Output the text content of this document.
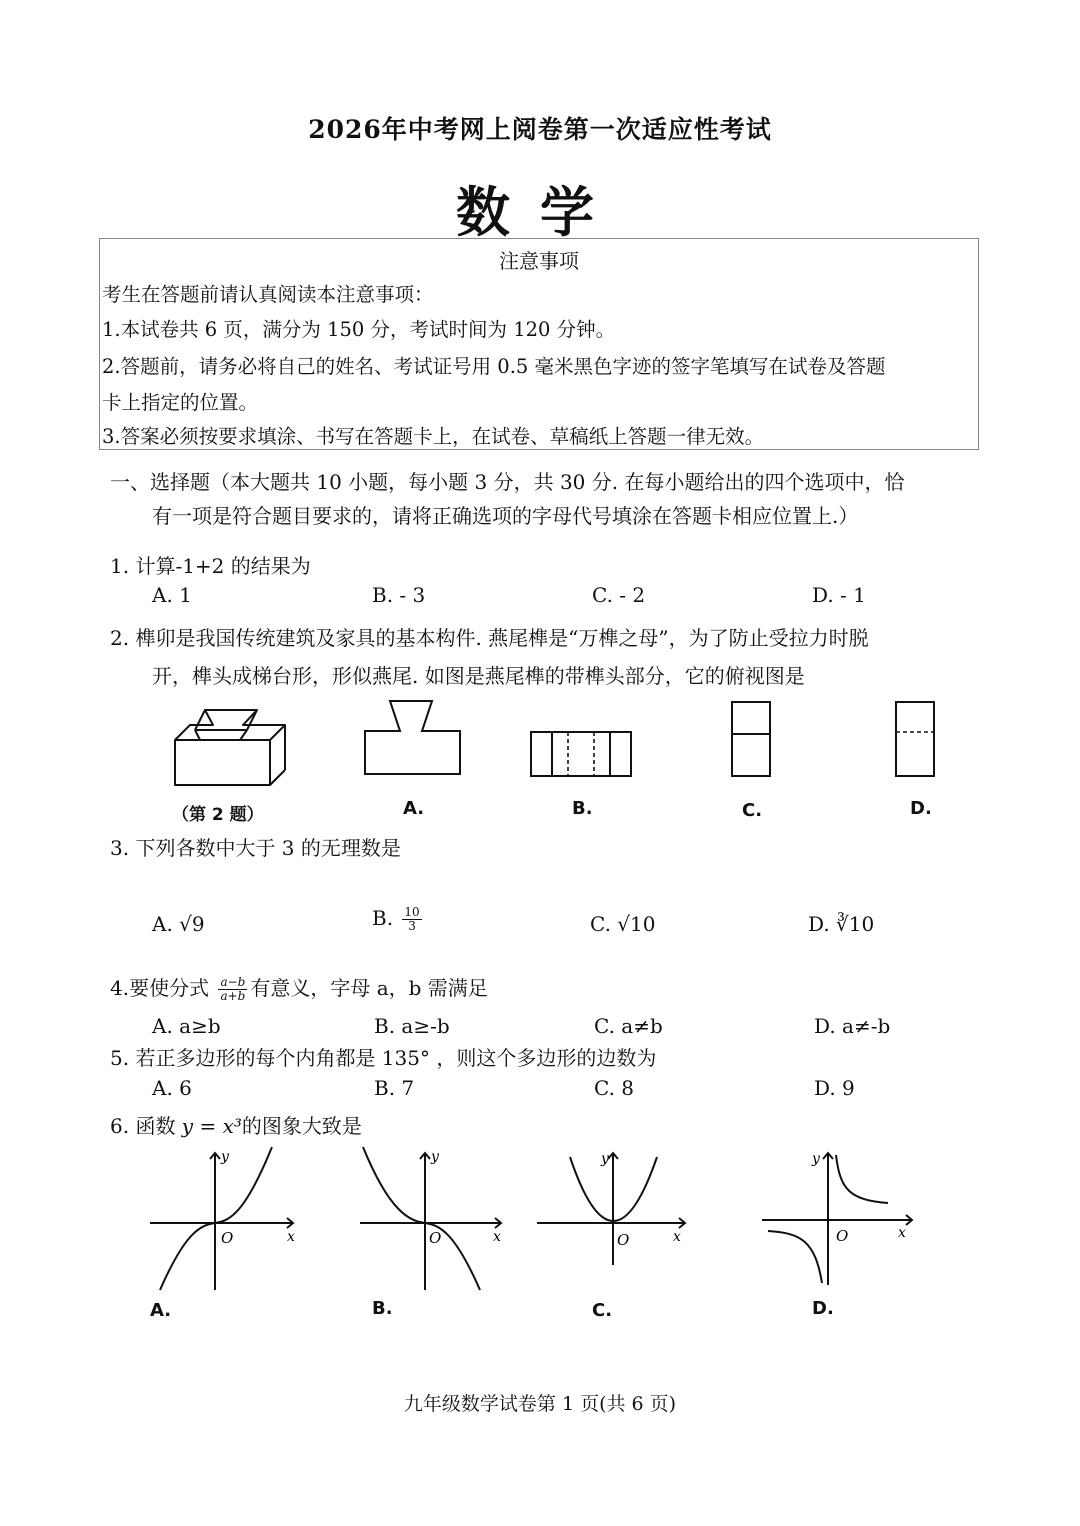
2026年中考网上阅卷第一次适应性考试
数学
注意事项
考生在答题前请认真阅读本注意事项：
1.本试卷共 6 页，满分为 150 分，考试时间为 120 分钟。
2.答题前，请务必将自己的姓名、考试证号用 0.5 毫米黑色字迹的签字笔填写在试卷及答题
卡上指定的位置。
3.答案必须按要求填涂、书写在答题卡上，在试卷、草稿纸上答题一律无效。
一、选择题（本大题共 10 小题，每小题 3 分，共 30 分. 在每小题给出的四个选项中，恰
有一项是符合题目要求的，请将正确选项的字母代号填涂在答题卡相应位置上.）
1. 计算-1+2 的结果为
A. 1	B. - 3	C. - 2	D. - 1
2. 榫卯是我国传统建筑及家具的基本构件. 燕尾榫是“万榫之母”，为了防止受拉力时脱
开，榫头成梯台形，形似燕尾. 如图是燕尾榫的带榫头部分，它的俯视图是
（第 2 题）	A.	B.	C.	D.
3. 下列各数中大于 3 的无理数是
A. √9	B. $\frac{10}{3}$	C. √10	D. ∛10
4.要使分式 $\frac{a-b}{a+b}$ 有意义，字母 a，b 需满足
A. a≥b	B. a≥-b	C. a≠b	D. a≠-b
5. 若正多边形的每个内角都是 135° ，则这个多边形的边数为
A. 6	B. 7	C. 8	D. 9
6. 函数 y = x³的图象大致是
y
x
O
A.
y
x
O
B.
y
x
O
C.
y
x
O
D.
九年级数学试卷第 1 页(共 6 页)
